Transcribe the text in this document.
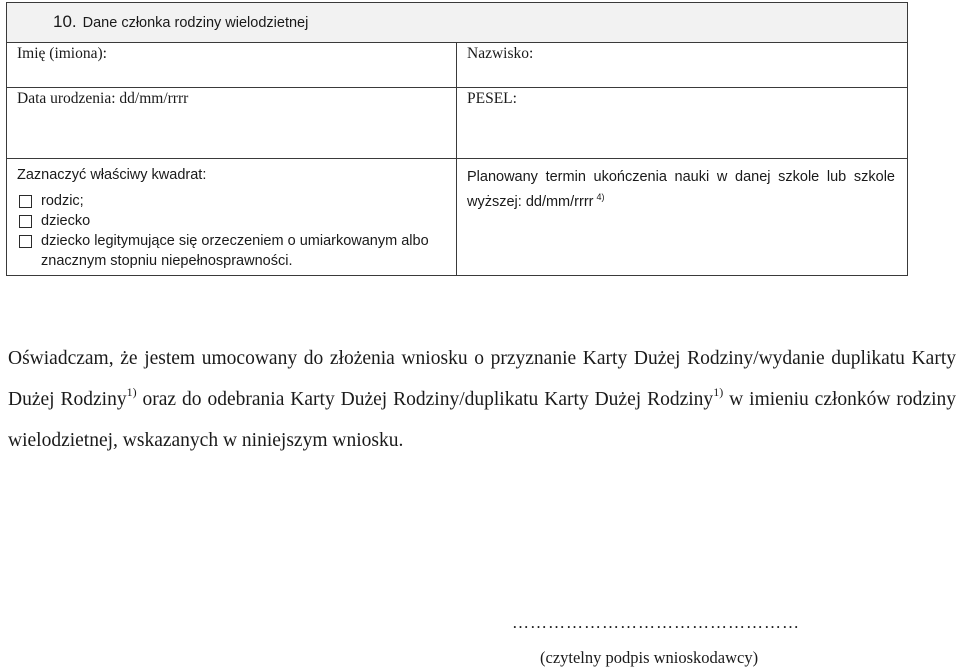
10. Dane członka rodziny wielodzietnej	

Imię (imiona):	Nazwisko:

Data urodzenia: dd/mm/rrrr	PESEL:

Zaznaczyć właściwy kwadrat:
rodzic;
dziecko
dziecko legitymujące się orzeczeniem o umiarkowanym albo znacznym stopniu niepełnosprawności.	Planowany termin ukończenia nauki w danej szkole lub szkole wyższej: dd/mm/rrrr $^{4)}$

Oświadczam, że jestem umocowany do złożenia wniosku o przyznanie Karty Dużej Rodziny/wydanie duplikatu Karty Dużej Rodziny$^{1)}$ oraz do odebrania Karty Dużej Rodziny/duplikatu Karty Dużej Rodziny$^{1)}$ w imieniu członków rodziny wielodzietnej, wskazanych w niniejszym wniosku.

…………………………………………
(czytelny podpis wnioskodawcy)
